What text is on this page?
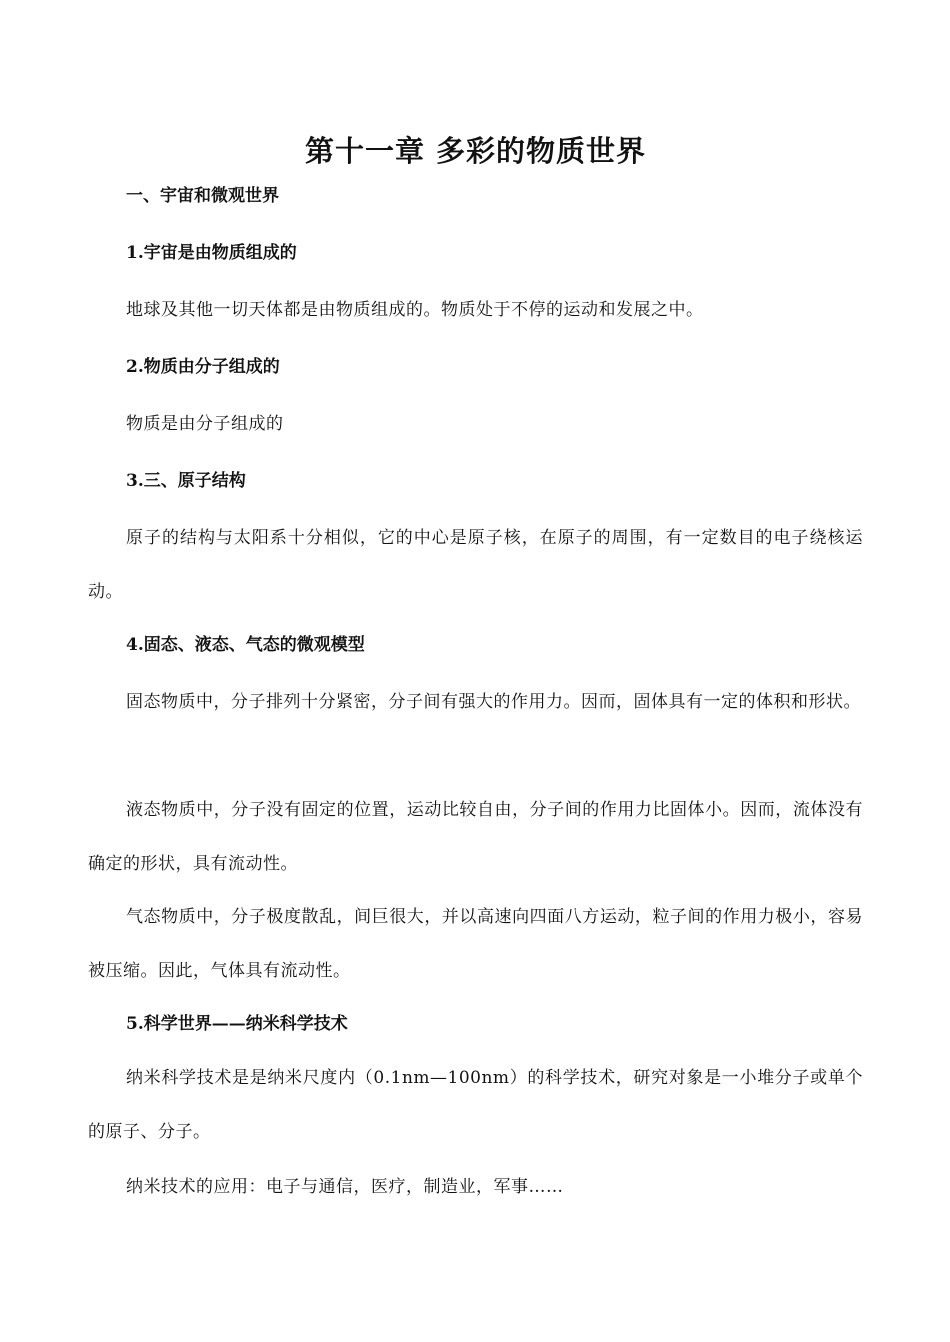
第十一章 多彩的物质世界
一、宇宙和微观世界
1.宇宙是由物质组成的
地球及其他一切天体都是由物质组成的。物质处于不停的运动和发展之中。
2.物质由分子组成的
物质是由分子组成的
3.三、原子结构
原子的结构与太阳系十分相似，它的中心是原子核，在原子的周围，有一定数目的电子绕核运动。
4.固态、液态、气态的微观模型
固态物质中，分子排列十分紧密，分子间有强大的作用力。因而，固体具有一定的体积和形状。
液态物质中，分子没有固定的位置，运动比较自由，分子间的作用力比固体小。因而，流体没有确定的形状，具有流动性。
气态物质中，分子极度散乱，间巨很大，并以高速向四面八方运动，粒子间的作用力极小，容易被压缩。因此，气体具有流动性。
5.科学世界——纳米科学技术
纳米科学技术是是纳米尺度内（0.1nm—100nm）的科学技术，研究对象是一小堆分子或单个的原子、分子。
纳米技术的应用：电子与通信，医疗，制造业，军事……
